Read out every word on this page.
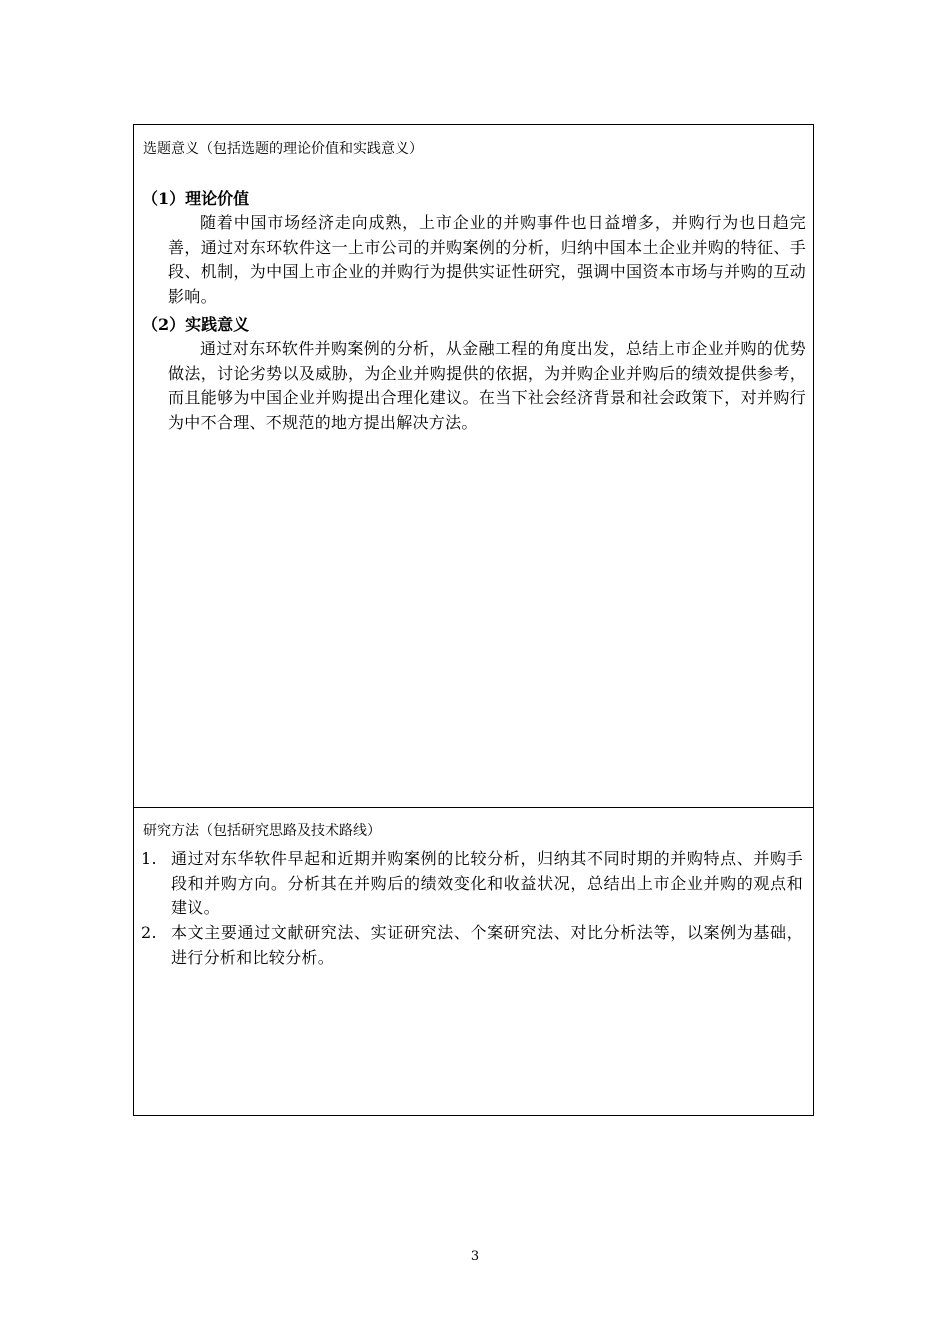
选题意义（包括选题的理论价值和实践意义）
（1）理论价值
随着中国市场经济走向成熟，上市企业的并购事件也日益增多，并购行为也日趋完善，通过对东环软件这一上市公司的并购案例的分析，归纳中国本土企业并购的特征、手段、机制，为中国上市企业的并购行为提供实证性研究，强调中国资本市场与并购的互动影响。
（2）实践意义
通过对东环软件并购案例的分析，从金融工程的角度出发，总结上市企业并购的优势做法，讨论劣势以及威胁，为企业并购提供的依据，为并购企业并购后的绩效提供参考，而且能够为中国企业并购提出合理化建议。在当下社会经济背景和社会政策下，对并购行为中不合理、不规范的地方提出解决方法。
研究方法（包括研究思路及技术路线）
1. 通过对东华软件早起和近期并购案例的比较分析，归纳其不同时期的并购特点、并购手段和并购方向。分析其在并购后的绩效变化和收益状况，总结出上市企业并购的观点和建议。
2. 本文主要通过文献研究法、实证研究法、个案研究法、对比分析法等，以案例为基础，进行分析和比较分析。
3
